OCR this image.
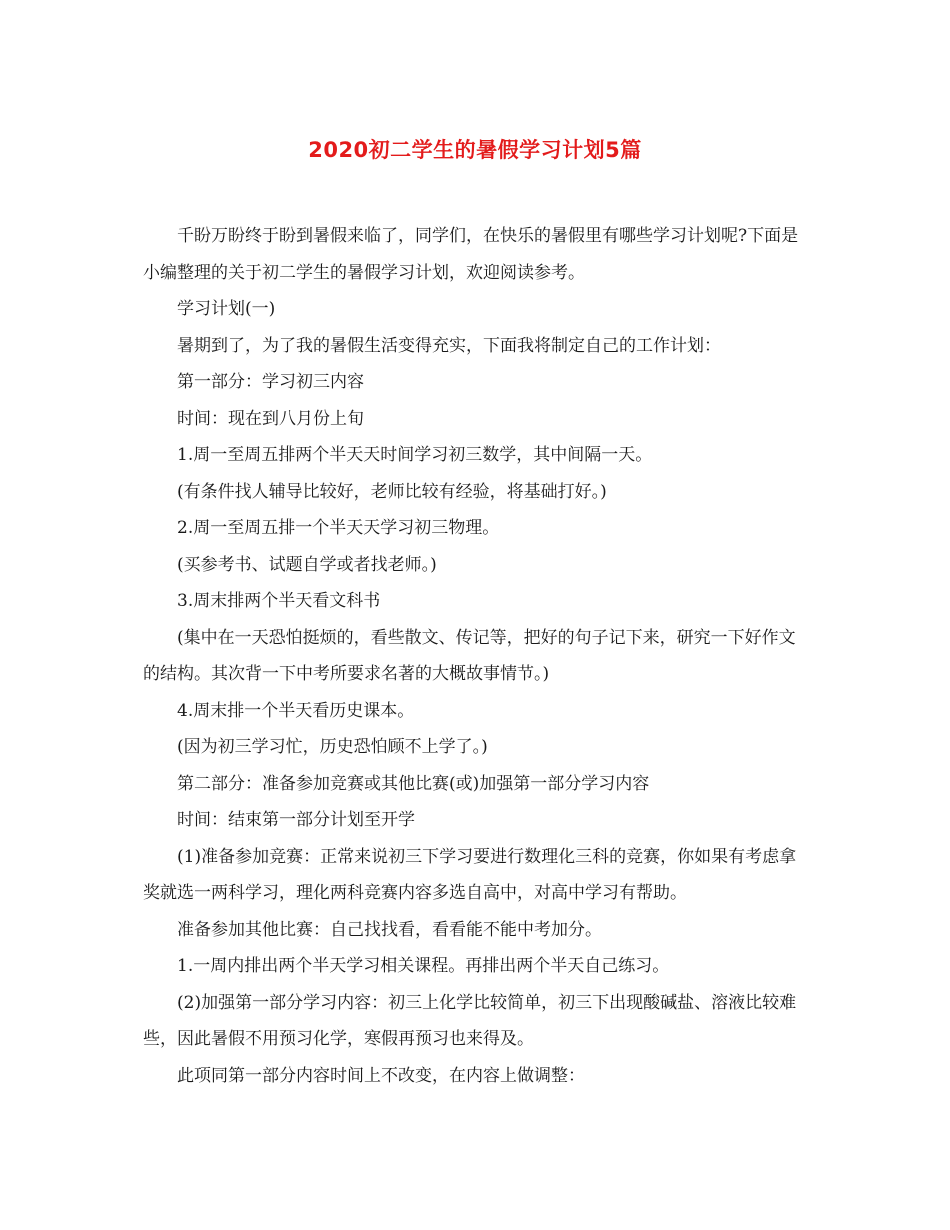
2020初二学生的暑假学习计划5篇

千盼万盼终于盼到暑假来临了，同学们，在快乐的暑假里有哪些学习计划呢?下面是小编整理的关于初二学生的暑假学习计划，欢迎阅读参考。

学习计划(一)

暑期到了，为了我的暑假生活变得充实，下面我将制定自己的工作计划：

第一部分：学习初三内容

时间：现在到八月份上旬

1.周一至周五排两个半天天时间学习初三数学，其中间隔一天。

(有条件找人辅导比较好，老师比较有经验，将基础打好。)

2.周一至周五排一个半天天学习初三物理。

(买参考书、试题自学或者找老师。)

3.周末排两个半天看文科书

(集中在一天恐怕挺烦的，看些散文、传记等，把好的句子记下来，研究一下好作文的结构。其次背一下中考所要求名著的大概故事情节。)

4.周末排一个半天看历史课本。

(因为初三学习忙，历史恐怕顾不上学了。)

第二部分：准备参加竞赛或其他比赛(或)加强第一部分学习内容

时间：结束第一部分计划至开学

(1)准备参加竞赛：正常来说初三下学习要进行数理化三科的竞赛，你如果有考虑拿奖就选一两科学习，理化两科竞赛内容多选自高中，对高中学习有帮助。

准备参加其他比赛：自己找找看，看看能不能中考加分。

1.一周内排出两个半天学习相关课程。再排出两个半天自己练习。

(2)加强第一部分学习内容：初三上化学比较简单，初三下出现酸碱盐、溶液比较难些，因此暑假不用预习化学，寒假再预习也来得及。

此项同第一部分内容时间上不改变，在内容上做调整：
